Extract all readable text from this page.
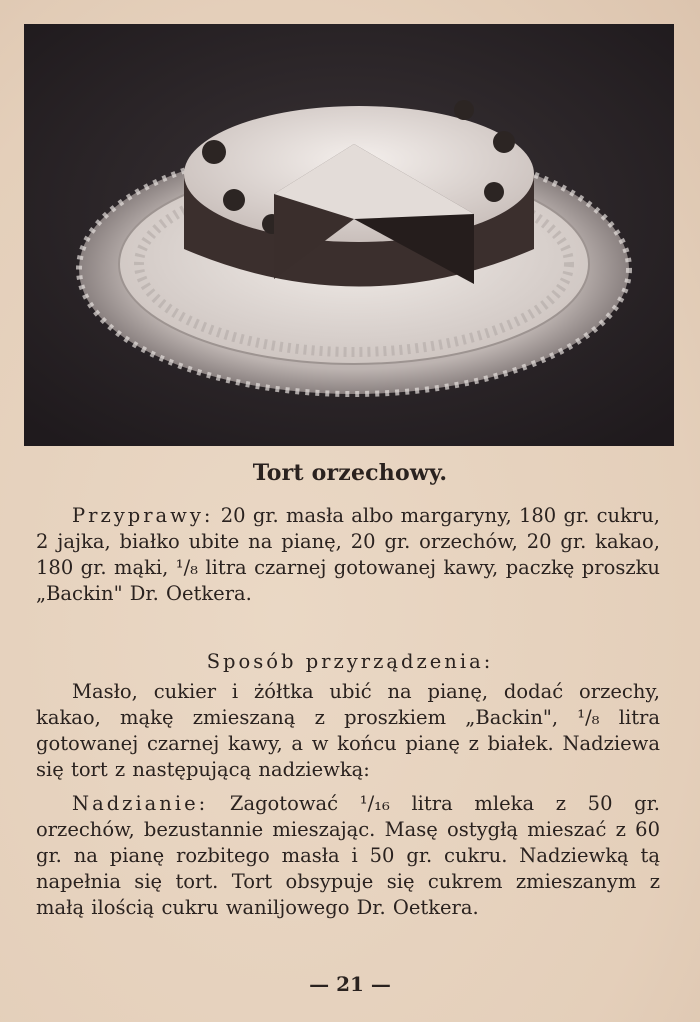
Tort orzechowy.
Przyprawy: 20 gr. masła albo margaryny, 180 gr. cukru, 2 jajka, białko ubite na pianę, 20 gr. orzechów, 20 gr. kakao, 180 gr. mąki, ¹/₈ litra czarnej gotowanej kawy, paczkę proszku „Backin" Dr. Oetkera.
Sposób przyrządzenia:
Masło, cukier i żółtka ubić na pianę, dodać orzechy, kakao, mąkę zmieszaną z proszkiem „Backin", ¹/₈ litra gotowanej czarnej kawy, a w końcu pianę z białek. Nadziewa się tort z następującą nadziewką:
Nadzianie: Zagotować ¹/₁₆ litra mleka z 50 gr. orzechów, bezustannie mieszając. Masę ostygłą mieszać z 60 gr. na pianę rozbitego masła i 50 gr. cukru. Nadziewką tą napełnia się tort. Tort obsypuje się cukrem zmieszanym z małą ilością cukru waniljowego Dr. Oetkera.
— 21 —
